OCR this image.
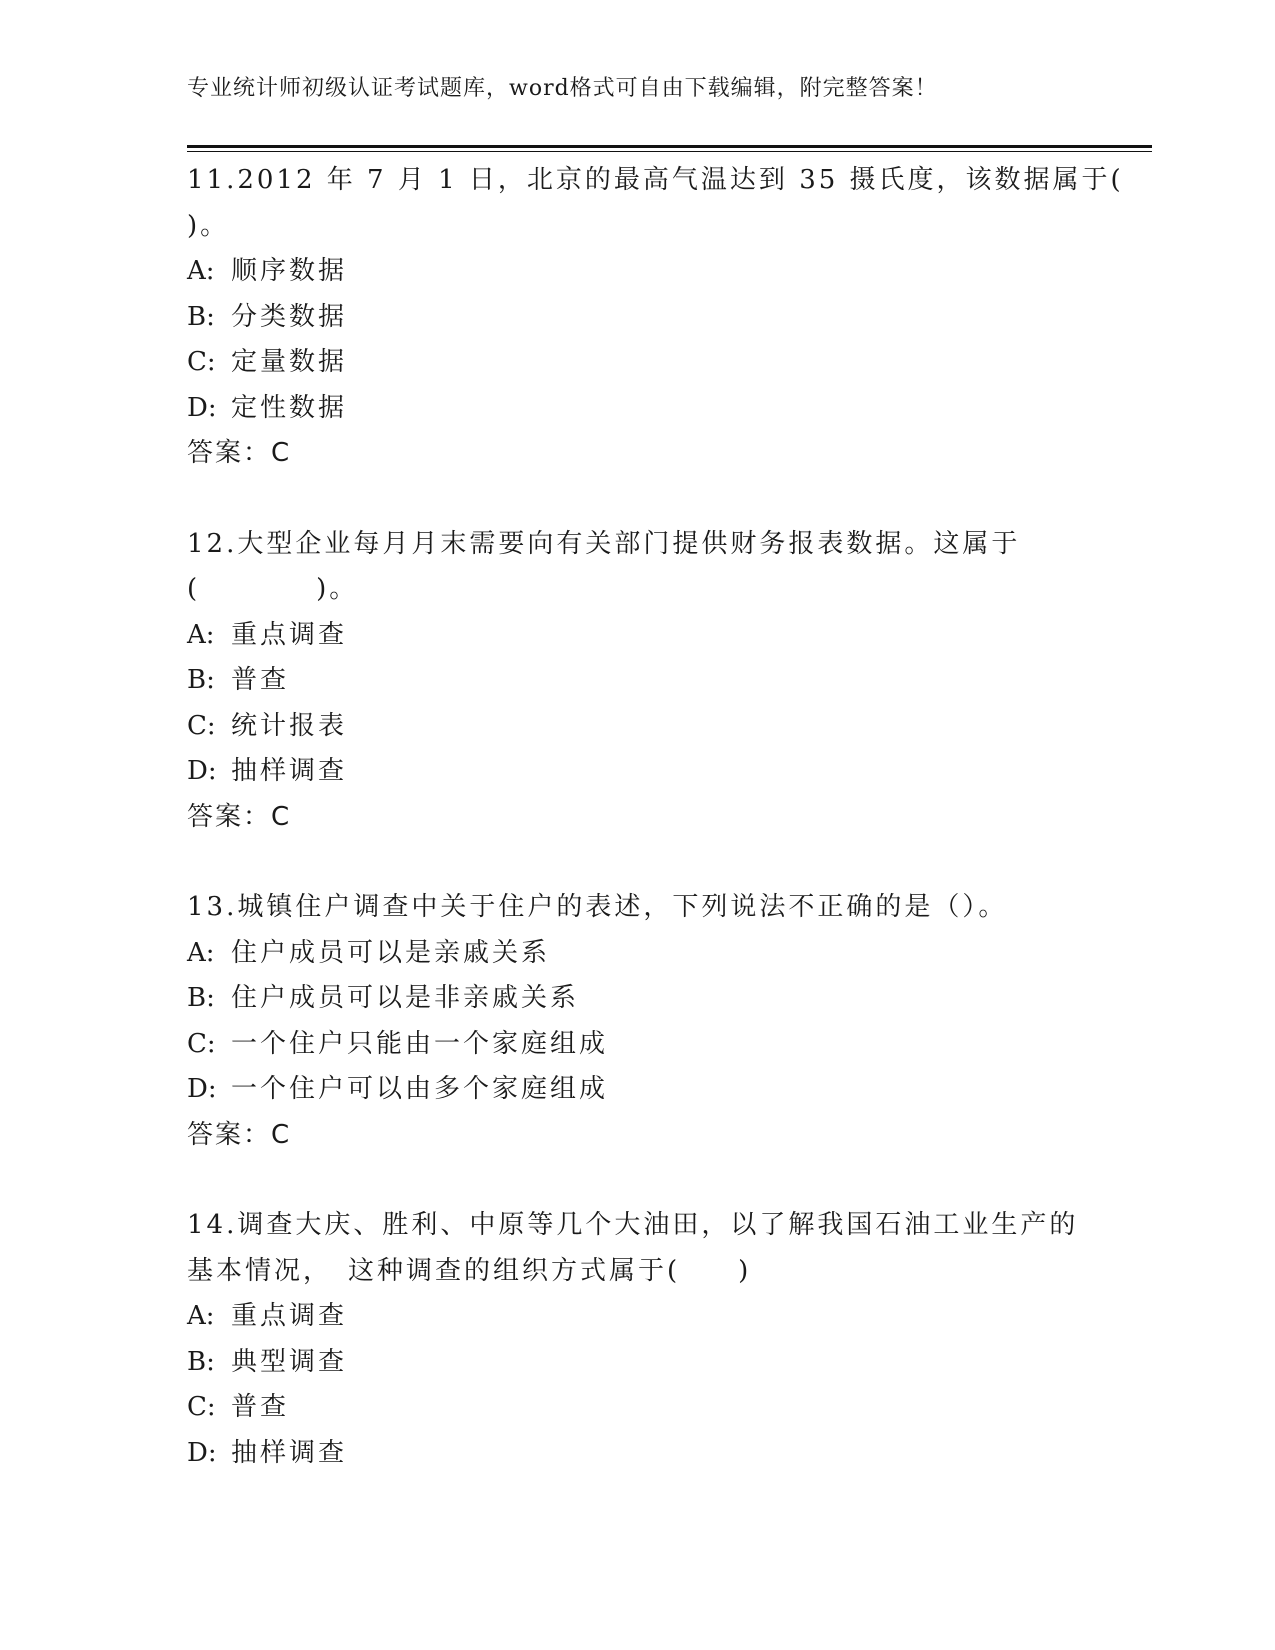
专业统计师初级认证考试题库，word格式可自由下载编辑，附完整答案！
11.2012 年 7 月 1 日，北京的最高气温达到 35 摄氏度，该数据属于(
)。
A: 顺序数据
B: 分类数据
C: 定量数据
D: 定性数据
答案：C
12.大型企业每月月末需要向有关部门提供财务报表数据。这属于
(　　　　)。
A: 重点调查
B: 普查
C: 统计报表
D: 抽样调查
答案：C
13.城镇住户调查中关于住户的表述，下列说法不正确的是（）。
A: 住户成员可以是亲戚关系
B: 住户成员可以是非亲戚关系
C: 一个住户只能由一个家庭组成
D: 一个住户可以由多个家庭组成
答案：C
14.调查大庆、胜利、中原等几个大油田，以了解我国石油工业生产的
基本情况，　这种调查的组织方式属于(　　)
A: 重点调查
B: 典型调查
C: 普查
D: 抽样调查
